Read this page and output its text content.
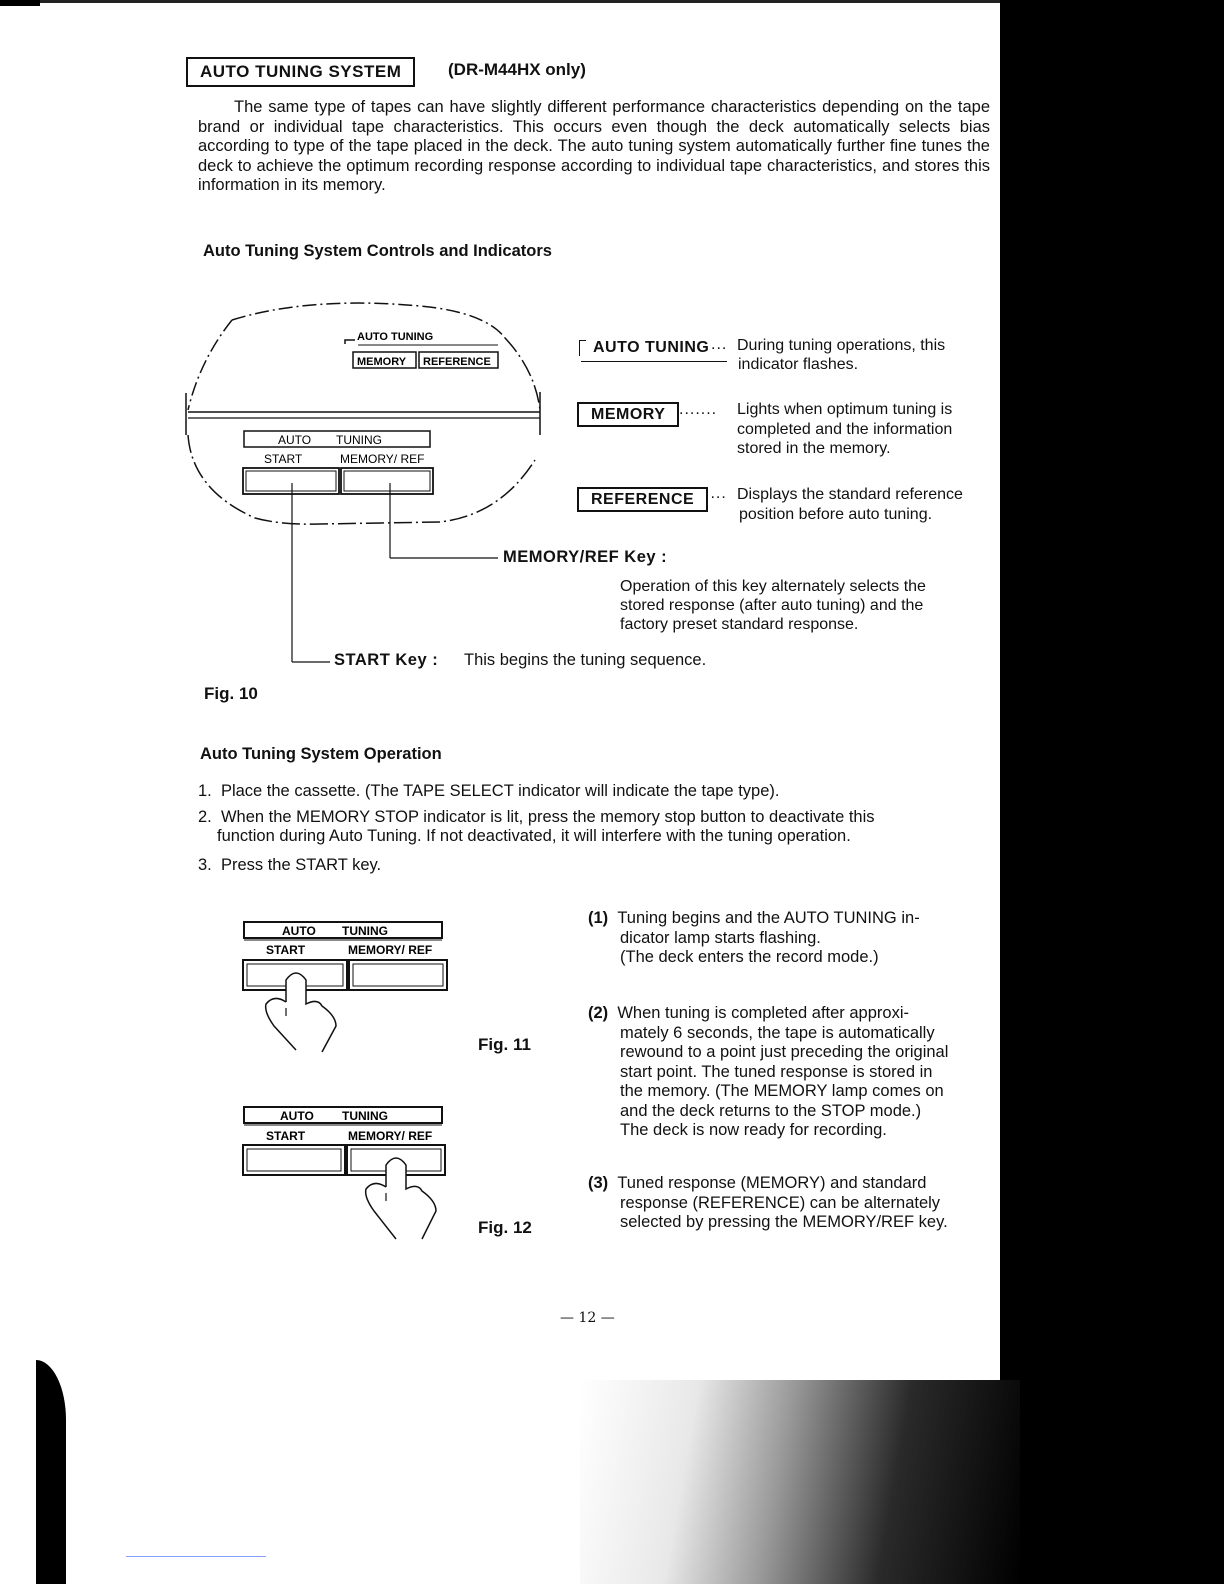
AUTO TUNING SYSTEM	(DR-M44HX only)

The same type of tapes can have slightly different performance characteristics depending on the tape brand or individual tape characteristics. This occurs even though the deck automatically selects bias according to type of the tape placed in the deck. The auto tuning system automatically further fine tunes the deck to achieve the optimum recording response according to individual tape characteristics, and stores this information in its memory.

Auto Tuning System Controls and Indicators
AUTO TUNING
MEMORY REFERENCE
AUTO TUNING
START	MEMORY/ REF
AUTO TUNING ... During tuning operations, this
indicator flashes.
MEMORY ....... Lights when optimum tuning is
completed and the information
stored in the memory.
REFERENCE .... Displays the standard reference
position before auto tuning.
MEMORY/REF Key :
Operation of this key alternately selects the
stored response (after auto tuning) and the
factory preset standard response.
START Key : This begins the tuning sequence.
Fig. 10
Auto Tuning System Operation
1. Place the cassette. (The TAPE SELECT indicator will indicate the tape type).
2. When the MEMORY STOP indicator is lit, press the memory stop button to deactivate this
function during Auto Tuning. If not deactivated, it will interfere with the tuning operation.
3. Press the START key.
AUTO TUNING
START	MEMORY/ REF
Fig. 11
AUTO TUNING
START	MEMORY/ REF
Fig. 12
(1) Tuning begins and the AUTO TUNING in-
dicator lamp starts flashing.
(The deck enters the record mode.)
(2) When tuning is completed after approxi-
mately 6 seconds, the tape is automatically
rewound to a point just preceding the original
start point. The tuned response is stored in
the memory. (The MEMORY lamp comes on
and the deck returns to the STOP mode.)
The deck is now ready for recording.
(3) Tuned response (MEMORY) and standard
response (REFERENCE) can be alternately
selected by pressing the MEMORY/REF key.
— 12 —
